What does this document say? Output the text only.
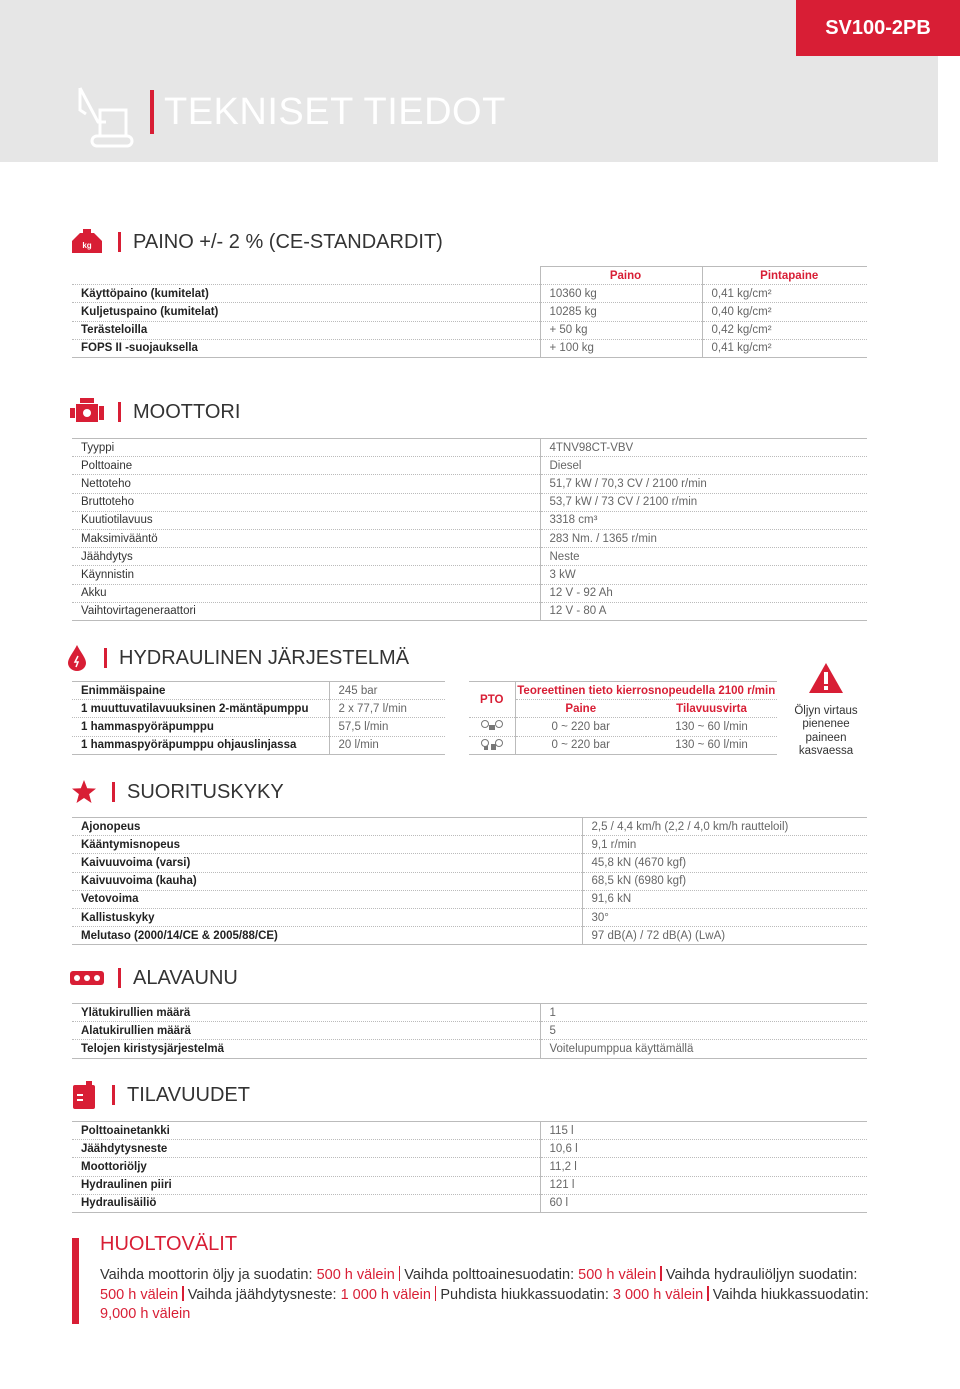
SV100-2PB
TEKNISET TIEDOT
kg PAINO +/- 2 % (CE-STANDARDIT)
	Paino	Pintapaine
Käyttöpaino (kumitelat)	10360 kg	0,41 kg/cm²
Kuljetuspaino (kumitelat)	10285 kg	0,40 kg/cm²
Terästeloilla	+ 50 kg	0,42 kg/cm²
FOPS II -suojauksella	+ 100 kg	0,41 kg/cm²
MOOTTORI
Tyyppi	4TNV98CT-VBV
Polttoaine	Diesel
Nettoteho	51,7 kW / 70,3 CV / 2100 r/min
Bruttoteho	53,7 kW / 73 CV / 2100 r/min
Kuutiotilavuus	3318 cm³
Maksimivääntö	283 Nm. / 1365 r/min
Jäähdytys	Neste
Käynnistin	3 kW
Akku	12 V - 92 Ah
Vaihtovirtageneraattori	12 V - 80 A
HYDRAULINEN JÄRJESTELMÄ
Enimmäispaine	245 bar
1 muuttuvatilavuuksinen 2-mäntäpumppu	2 x 77,7 l/min
1 hammaspyöräpumppu	57,5 l/min
1 hammaspyöräpumppu ohjauslinjassa	20 l/min
PTO	Teoreettinen tieto kierrosnopeudella 2100 r/min	
	Paine	Tilavuusvirta
	0 ~ 220 bar	130 ~ 60 l/min
	0 ~ 220 bar	130 ~ 60 l/min
Öljyn virtaus pienenee paineen kasvaessa
SUORITUSKYKY
Ajonopeus	2,5 / 4,4 km/h (2,2 / 4,0 km/h rautteloil)
Kääntymisnopeus	9,1 r/min
Kaivuuvoima (varsi)	45,8 kN (4670 kgf)
Kaivuuvoima (kauha)	68,5 kN (6980 kgf)
Vetovoima	91,6 kN
Kallistuskyky	30°
Melutaso (2000/14/CE & 2005/88/CE)	97 dB(A) / 72 dB(A) (LwA)
ALAVAUNU
Ylätukirullien määrä	1
Alatukirullien määrä	5
Telojen kiristysjärjestelmä	Voitelupumppua käyttämällä
TILAVUUDET
Polttoainetankki	115 l
Jäähdytysneste	10,6 l
Moottoriöljy	11,2 l
Hydraulinen piiri	121 l
Hydraulisäiliö	60 l
HUOLTOVÄLIT
Vaihda moottorin öljy ja suodatin: 500 h välein Vaihda polttoainesuodatin: 500 h välein Vaihda hydrauliöljyn suodatin: 500 h välein Vaihda jäähdytysneste: 1 000 h välein Puhdista hiukkassuodatin: 3 000 h välein Vaihda hiukkassuodatin: 9,000 h välein
